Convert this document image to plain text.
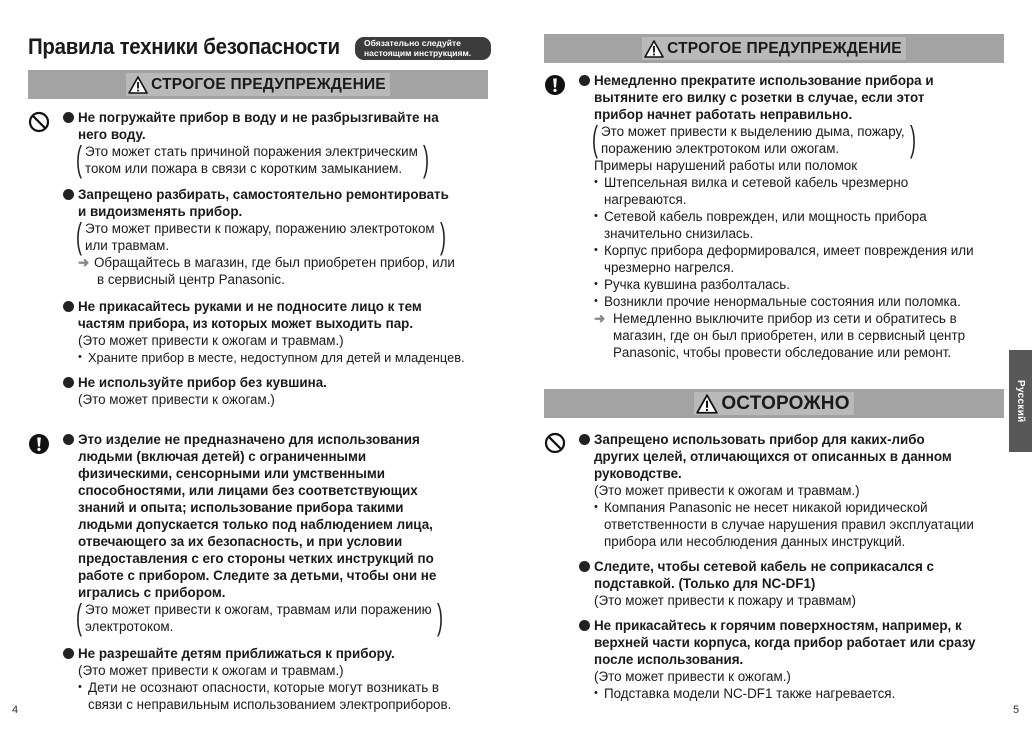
Правила техники безопасности	Обязательно следуйте
настоящим инструкциям.
СТРОГОЕ ПРЕДУПРЕЖДЕНИЕ
Не погружайте прибор в воду и не разбрызгивайте на
него воду.
( Это может стать причиной поражения электрическим
током или пожара в связи с коротким замыканием. )
Запрещено разбирать, самостоятельно ремонтировать
и видоизменять прибор.
( Это может привести к пожару, поражению электротоком
или травмам.	)
➜ Обращайтесь в магазин, где был приобретен прибор, или
в сервисный центр Panasonic.
Не прикасайтесь руками и не подносите лицо к тем
частям прибора, из которых может выходить пар.
(Это может привести к ожогам и травмам.)
• Храните прибор в месте, недоступном для детей и младенцев.
Не используйте прибор без кувшина.
(Это может привести к ожогам.)
Это изделие не предназначено для использования
людьми (включая детей) с ограниченными
физическими, сенсорными или умственными
способностями, или лицами без соответствующих
знаний и опыта; использование прибора такими
людьми допускается только под наблюдением лица,
отвечающего за их безопасность, и при условии
предоставления с его стороны четких инструкций по
работе с прибором. Следите за детьми, чтобы они не
игрались с прибором.
( Это может привести к ожогам, травмам или поражению
электротоком.	)
Не разрешайте детям приближаться к прибору.
(Это может привести к ожогам и травмам.)
• Дети не осознают опасности, которые могут возникать в
связи с неправильным использованием электроприборов.
4
СТРОГОЕ ПРЕДУПРЕЖДЕНИЕ
Немедленно прекратите использование прибора и
вытяните его вилку с розетки в случае, если этот
прибор начнет работать неправильно.
( Это может привести к выделению дыма, пожару,
поражению электротоком или ожогам.	)
Примеры нарушений работы или поломок
• Штепсельная вилка и сетевой кабель чрезмерно
нагреваются.
• Сетевой кабель поврежден, или мощность прибора
значительно снизилась.
• Корпус прибора деформировался, имеет повреждения или
чрезмерно нагрелся.
• Ручка кувшина разболталась.
• Возникли прочие ненормальные состояния или поломка.
➜ Немедленно выключите прибор из сети и обратитесь в
магазин, где он был приобретен, или в сервисный центр
Panasonic, чтобы провести обследование или ремонт.
ОСТОРОЖНО
Запрещено использовать прибор для каких-либо
других целей, отличающихся от описанных в данном
руководстве.
(Это может привести к ожогам и травмам.)
• Компания Panasonic не несет никакой юридической
ответственности в случае нарушения правил эксплуатации
прибора или несоблюдения данных инструкций.
Следите, чтобы сетевой кабель не соприкасался с
подставкой. (Только для NC-DF1)
(Это может привести к пожару и травмам)
Не прикасайтесь к горячим поверхностям, например, к
верхней части корпуса, когда прибор работает или сразу
после использования.
(Это может привести к ожогам.)
• Подставка модели NC-DF1 также нагревается.
5
Русский
